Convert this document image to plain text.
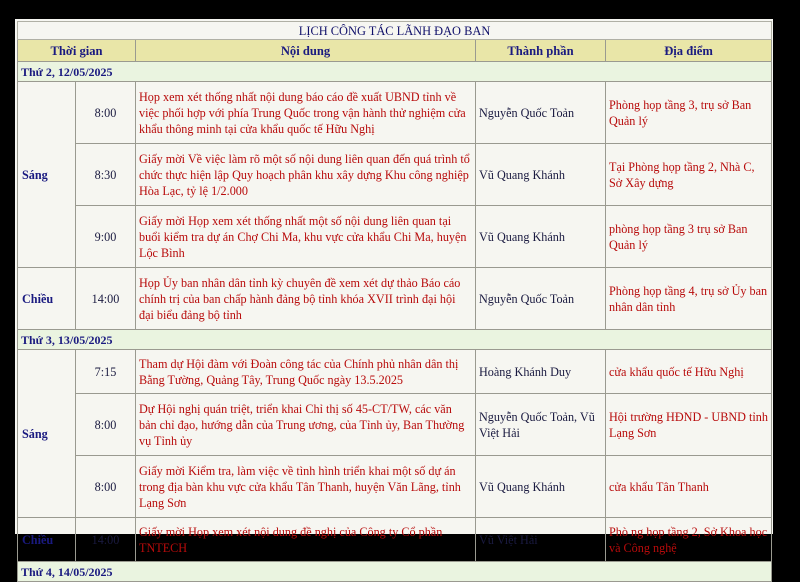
LỊCH CÔNG TÁC LÃNH ĐẠO BAN				
Thời gian		Nội dung	Thành phần	Địa điểm
Thứ 2, 12/05/2025				
Sáng	8:00	Họp xem xét thống nhất nội dung báo cáo đề xuất UBND tỉnh về việc phối hợp với phía Trung Quốc trong vận hành thử nghiệm cửa khẩu thông minh tại cửa khẩu quốc tế Hữu Nghị	Nguyễn Quốc Toản	Phòng họp tầng 3, trụ sở Ban Quản lý
	8:30	Giấy mời Về việc làm rõ một số nội dung liên quan đến quá trình tổ chức thực hiện lập Quy hoạch phân khu xây dựng Khu công nghiệp Hòa Lạc, tỷ lệ 1/2.000	Vũ Quang Khánh	Tại Phòng họp tầng 2, Nhà C, Sở Xây dựng
	9:00	Giấy mời Họp xem xét thống nhất một số nội dung liên quan tại buổi kiểm tra dự án Chợ Chi Ma, khu vực cửa khẩu Chi Ma, huyện Lộc Bình	Vũ Quang Khánh	phòng họp tầng 3 trụ sở Ban Quản lý
Chiều	14:00	Họp Ủy ban nhân dân tỉnh kỳ chuyên đề xem xét dự thảo Báo cáo chính trị của ban chấp hành đảng bộ tỉnh khóa XVII trình đại hội đại biểu đảng bộ tỉnh	Nguyễn Quốc Toản	Phòng họp tầng 4, trụ sở Ủy ban nhân dân tỉnh
Thứ 3, 13/05/2025				
Sáng	7:15	Tham dự Hội đàm với Đoàn công tác của Chính phủ nhân dân thị Bằng Tường, Quảng Tây, Trung Quốc ngày 13.5.2025	Hoàng Khánh Duy	cửa khẩu quốc tế Hữu Nghị
	8:00	Dự Hội nghị quán triệt, triển khai Chỉ thị số 45-CT/TW, các văn bản chỉ đạo, hướng dẫn của Trung ương, của Tỉnh ủy, Ban Thường vụ Tỉnh ủy	Nguyễn Quốc Toản, Vũ Việt Hải	Hội trường HĐND - UBND tỉnh Lạng Sơn
	8:00	Giấy mời Kiểm tra, làm việc về tình hình triển khai một số dự án trong địa bàn khu vực cửa khẩu Tân Thanh, huyện Văn Lãng, tỉnh Lạng Sơn	Vũ Quang Khánh	cửa khẩu Tân Thanh
Chiều	14:00	Giấy mời Họp xem xét nội dung đề nghị của Công ty Cổ phần TNTECH	Vũ Việt Hải	Phò ng họp tầng 2, Sở Khoa học và Công nghệ
Thứ 4, 14/05/2025				
